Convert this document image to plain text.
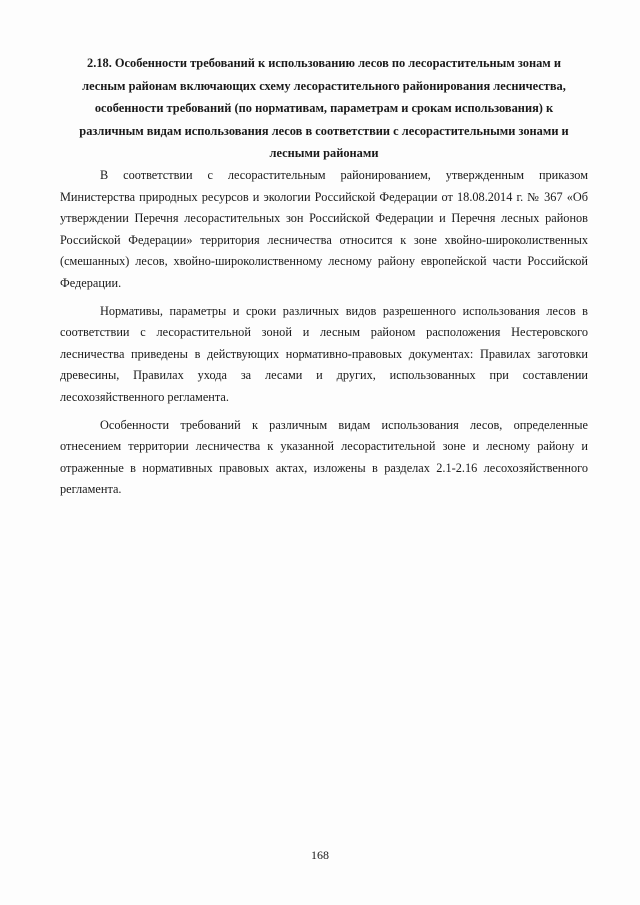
2.18. Особенности требований к использованию лесов по лесорастительным зонам и лесным районам включающих схему лесорастительного районирования лесничества, особенности требований (по нормативам, параметрам и срокам использования) к различным видам использования лесов в соответствии с лесорастительными зонами и лесными районами

В соответствии с лесорастительным районированием, утвержденным приказом Министерства природных ресурсов и экологии Российской Федерации от 18.08.2014 г. № 367 «Об утверждении Перечня лесорастительных зон Российской Федерации и Перечня лесных районов Российской Федерации» территория лесничества относится к зоне хвойно-широколиственных (смешанных) лесов, хвойно-широколиственному лесному району европейской части Российской Федерации.

Нормативы, параметры и сроки различных видов разрешенного использования лесов в соответствии с лесорастительной зоной и лесным районом расположения Нестеровского лесничества приведены в действующих нормативно-правовых документах: Правилах заготовки древесины, Правилах ухода за лесами и других, использованных при составлении лесохозяйственного регламента.

Особенности требований к различным видам использования лесов, определенные отнесением территории лесничества к указанной лесорастительной зоне и лесному району и отраженные в нормативных правовых актах, изложены в разделах 2.1-2.16 лесохозяйственного регламента.

168
